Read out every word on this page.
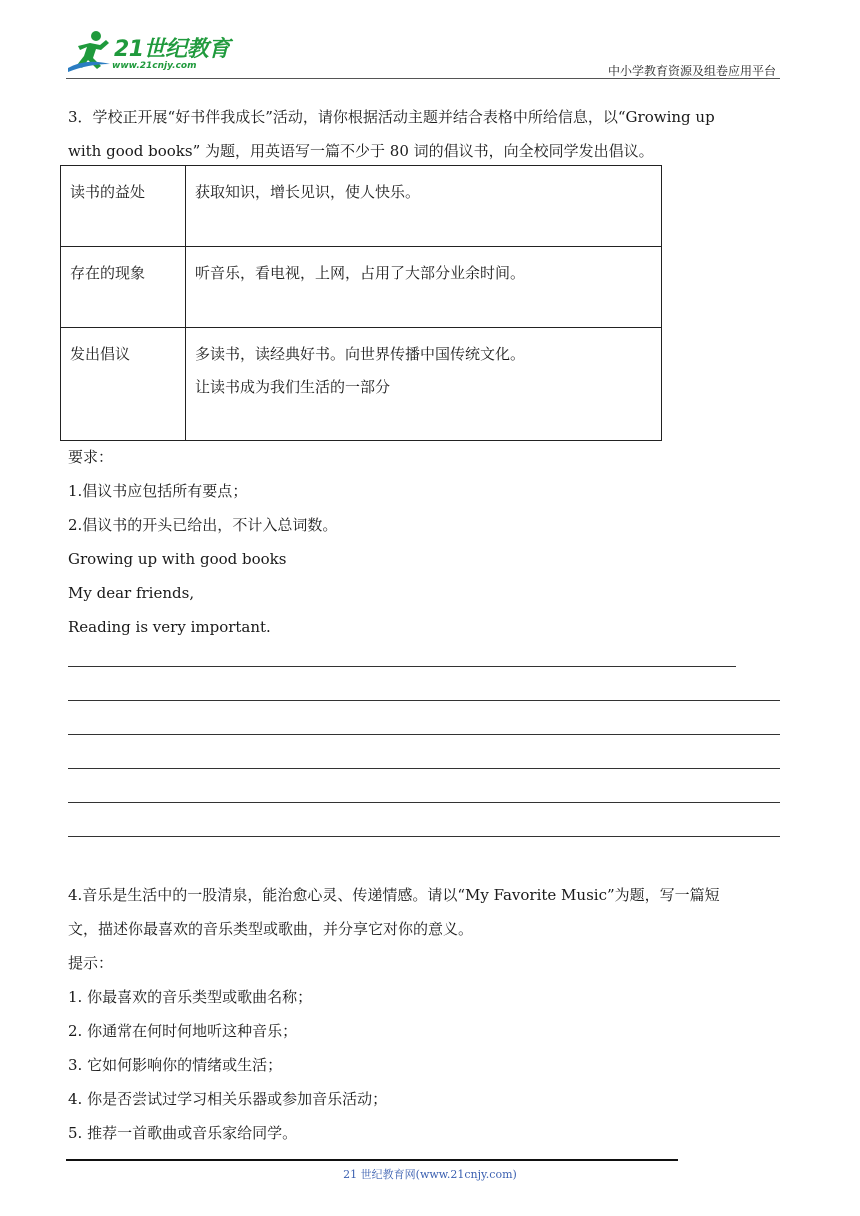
21世纪教育
www.21cnjy.com	中小学教育资源及组卷应用平台

3．学校正开展“好书伴我成长”活动，请你根据活动主题并结合表格中所给信息，以“Growing up

with good books” 为题，用英语写一篇不少于 80 词的倡议书，向全校同学发出倡议。

读书的益处	获取知识，增长见识，使人快乐。

存在的现象	听音乐，看电视，上网，占用了大部分业余时间。

发出倡议	多读书，读经典好书。向世界传播中国传统文化。
让读书成为我们生活的一部分
要求：
1.倡议书应包括所有要点；
2.倡议书的开头已给出，不计入总词数。
Growing up with good books
My dear friends,
Reading is very important.
4.音乐是生活中的一股清泉，能治愈心灵、传递情感。请以“My Favorite Music”为题，写一篇短
文，描述你最喜欢的音乐类型或歌曲，并分享它对你的意义。
提示：
1. 你最喜欢的音乐类型或歌曲名称；
2. 你通常在何时何地听这种音乐；
3. 它如何影响你的情绪或生活；
4. 你是否尝试过学习相关乐器或参加音乐活动；
5. 推荐一首歌曲或音乐家给同学。
21 世纪教育网(www.21cnjy.com)
